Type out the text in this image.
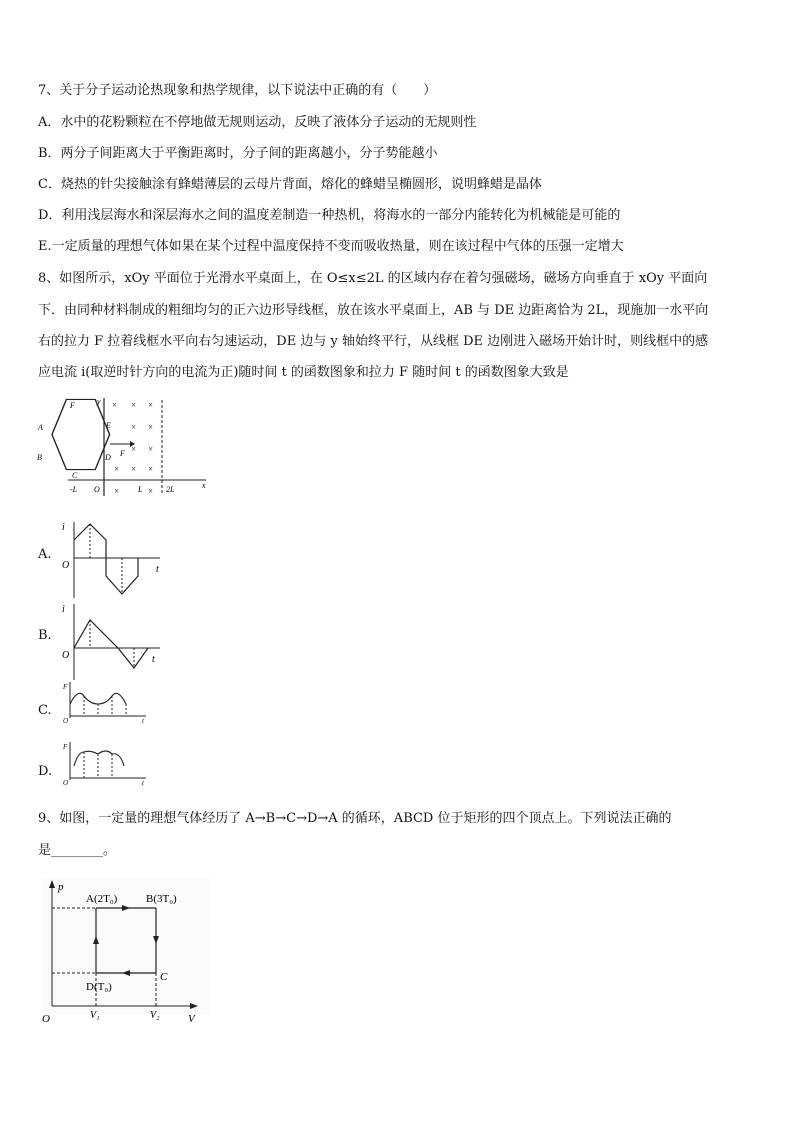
7、关于分子运动论热现象和热学规律，以下说法中正确的有（　　）
A．水中的花粉颗粒在不停地做无规则运动，反映了液体分子运动的无规则性
B．两分子间距离大于平衡距离时，分子间的距离越小，分子势能越小
C．烧热的针尖接触涂有蜂蜡薄层的云母片背面，熔化的蜂蜡呈椭圆形，说明蜂蜡是晶体
D．利用浅层海水和深层海水之间的温度差制造一种热机，将海水的一部分内能转化为机械能是可能的
E.一定质量的理想气体如果在某个过程中温度保持不变而吸收热量，则在该过程中气体的压强一定增大
8、如图所示，xOy 平面位于光滑水平桌面上，在 O≤x≤2L 的区域内存在着匀强磁场，磁场方向垂直于 xOy 平面向
下．由同种材料制成的粗细均匀的正六边形导线框，放在该水平桌面上，AB 与 DE 边距离恰为 2L，现施加一水平向
右的拉力 F 拉着线框水平向右匀速运动，DE 边与 y 轴始终平行，从线框 DE 边刚进入磁场开始计时，则线框中的感
应电流 i(取逆时针方向的电流为正)随时间 t 的函数图象和拉力 F 随时间 t 的函数图象大致是
y
x
F
E
A
D
B
C
F
× × ×
× ×
× ×
× × ×
×	×
-L O	L	2L
A.
i
O	t
B.
i
O	t
C.
F
O	t
D.
F
O	t
9、如图，一定量的理想气体经历了 A→B→C→D→A 的循环，ABCD 位于矩形的四个顶点上。下列说法正确的
是________。
p
V
O
A(2T₀)	B(3T₀)
C
D(T₀)
V₁	V₂
